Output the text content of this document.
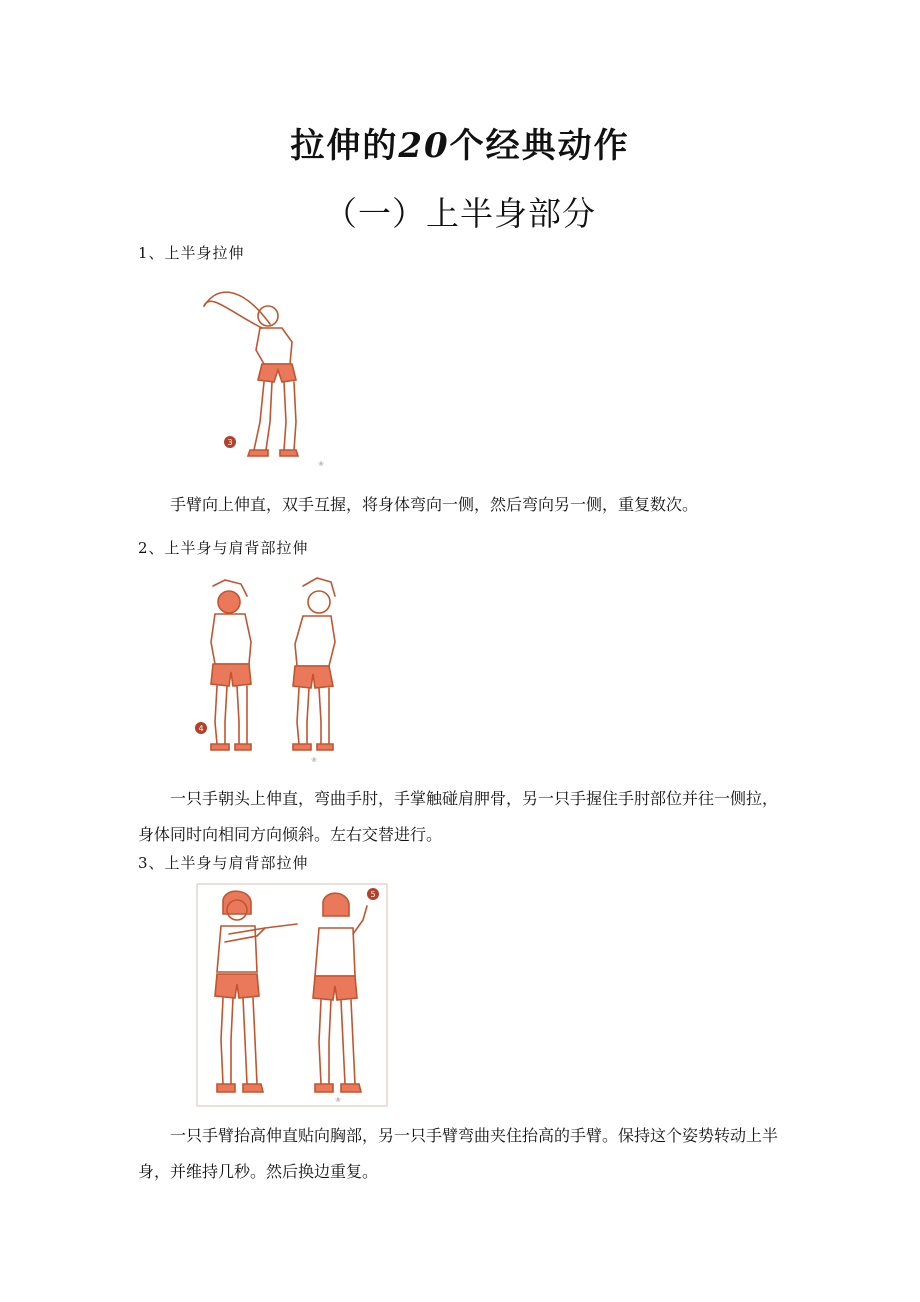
拉伸的20个经典动作
（一）上半身部分
1、上半身拉伸
3
❀
手臂向上伸直，双手互握，将身体弯向一侧，然后弯向另一侧，重复数次。
2、上半身与肩背部拉伸
4
❀
一只手朝头上伸直，弯曲手肘，手掌触碰肩胛骨，另一只手握住手肘部位并往一侧拉，身体同时向相同方向倾斜。左右交替进行。
3、上半身与肩背部拉伸
5
❀
一只手臂抬高伸直贴向胸部，另一只手臂弯曲夹住抬高的手臂。保持这个姿势转动上半身，并维持几秒。然后换边重复。
